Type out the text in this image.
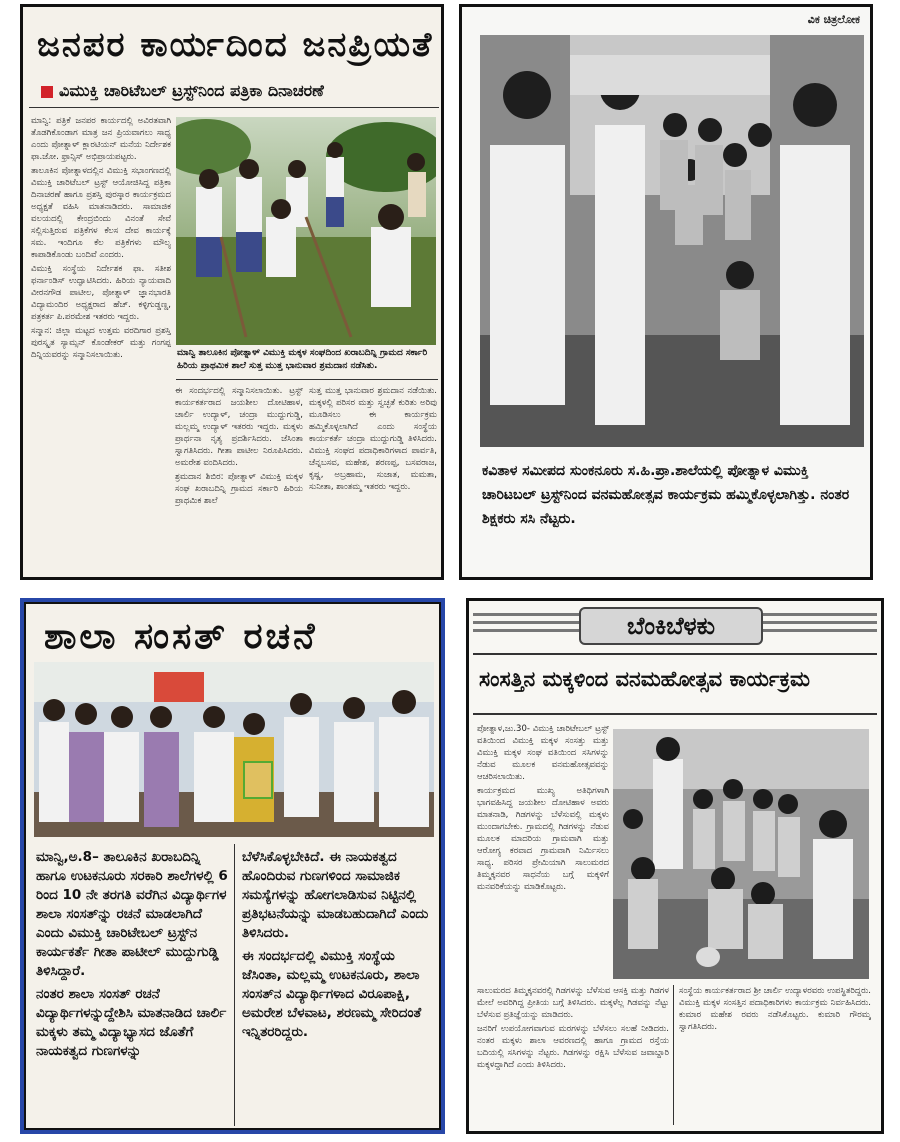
ಜನಪರ ಕಾರ್ಯದಿಂದ ಜನಪ್ರಿಯತೆ
ವಿಮುಕ್ತಿ ಚಾರಿಟೆಬಲ್ ಟ್ರಸ್ಟ್‌ನಿಂದ ಪತ್ರಿಕಾ ದಿನಾಚರಣೆ

ಮಾನ್ವಿ: ಪತ್ರಿಕೆ ಜನಪರ ಕಾರ್ಯದಲ್ಲಿ ಅವಿರತವಾಗಿ ತೊಡಗಿಕೊಂಡಾಗ ಮಾತ್ರ ಜನ ಪ್ರಿಯವಾಗಲು ಸಾಧ್ಯ ಎಂದು ಪೋತ್ನಾಳ್ ಕ್ಲಾರಟಿಯನ್ ಮನೆಯ ನಿರ್ದೇಶಕ ಫಾ.ಜೋ. ಫ್ರಾನ್ಸಿಸ್ ಅಭಿಪ್ರಾಯಪಟ್ಟರು.

ತಾಲೂಕಿನ ಪೋತ್ನಾಳದಲ್ಲಿನ ವಿಮುಕ್ತಿ ಸಭಾಂಗಣದಲ್ಲಿ ವಿಮುಕ್ತಿ ಚಾರಿಟೆಬಲ್ ಟ್ರಸ್ಟ್ ಆಯೋಜಿಸಿದ್ದ ಪತ್ರಿಕಾ ದಿನಾಚರಣೆ ಹಾಗೂ ಪ್ರಶಸ್ತಿ ಪುರಸ್ಕಾರ ಕಾರ್ಯಕ್ರಮದ ಅಧ್ಯಕ್ಷತೆ ವಹಿಸಿ ಮಾತನಾಡಿದರು. ಸಾಮಾಜಿಕ ವಲಯದಲ್ಲಿ ಕೇಂದ್ರಬಿಂದು ವಿನಂತೆ ಸೇವೆ ಸಲ್ಲಿಸುತ್ತಿರುವ ಪತ್ರಿಕೆಗಳ ಕೆಲಸ ದೇವ ಕಾರ್ಯಕ್ಕೆ ಸಮ. ಇಂದಿಗೂ ಕೆಲ ಪತ್ರಿಕೆಗಳು ಮೌಲ್ಯ ಕಾಪಾಡಿಕೊಂಡು ಬಂದಿವೆ ಎಂದರು.

ವಿಮುಕ್ತಿ ಸಂಸ್ಥೆಯ ನಿರ್ದೇಶಕ ಫಾ. ಸತೀಶ ಫರ್ನಾಂಡಿಸ್ ಉದ್ಘಾಟಿಸಿದರು. ಹಿರಿಯ ನ್ಯಾಯವಾದಿ ವೀರನಗೌಡ ಪಾಟೀಲ, ಪೋತ್ನಾಳ್ ಜ್ಞಾನಭಾರತಿ ವಿದ್ಯಾಮಂದಿರ ಅಧ್ಯಕ್ಷರಾದ ಹೆಚ್. ಕಳ್ಳಿಗುಡ್ಡಣ್ಣ, ಪತ್ರಕರ್ತ ಪಿ.ಪರಮೇಶ ಇತರರು ಇದ್ದರು.

ಸನ್ಮಾನ: ಜಿಲ್ಲಾ ಮಟ್ಟದ ಉತ್ತಮ ವರದಿಗಾರ ಪ್ರಶಸ್ತಿ ಪುರಸ್ಕೃತ ಸ್ಯಾಮ್ಸನ್ ಕೊಂಡೇಕರ್ ಮತ್ತು ಗಂಗಪ್ಪ ದಿನ್ನಿಯವರನ್ನು ಸನ್ಮಾನಿಸಲಾಯಿತು.	ಮಾನ್ವಿ ತಾಲೂಕಿನ ಪೋತ್ನಾಳ್ ವಿಮುಕ್ತಿ ಮಕ್ಕಳ ಸಂಘದಿಂದ ಖರಾಬದಿನ್ನಿ ಗ್ರಾಮದ ಸರ್ಕಾರಿ ಹಿರಿಯ ಪ್ರಾಥಮಿಕ ಶಾಲೆ ಸುತ್ತ ಮುತ್ತ ಭಾನುವಾರ ಶ್ರಮದಾನ ನಡೆಸಿತು.

ಈ ಸಂದರ್ಭದಲ್ಲಿ ಸನ್ಮಾನಿಸಲಾಯಿತು. ಟ್ರಸ್ಟ್ ಕಾರ್ಯಕರ್ತರಾದ ಜಯಶೀಲ ದೋಟಿಹಾಳ, ಚಾರ್ಲಿ ಉದ್ಯಾಳ್, ಚಂದ್ರಾ ಮುದ್ದುಗುಡ್ಡಿ, ಮಲ್ಲಮ್ಮ ಉದ್ಯಾಳ್ ಇತರರು ಇದ್ದರು. ಮಕ್ಕಳು ಪ್ರಾರ್ಥನಾ ನೃತ್ಯ ಪ್ರದರ್ಶಿಸಿದರು. ಜೆಸಿಂತಾ ಸ್ವಾಗತಿಸಿದರು. ಗೀತಾ ಪಾಟೀಲ ನಿರೂಪಿಸಿದರು. ಅಮರೇಶ ವಂದಿಸಿದರು.

ಶ್ರಮದಾನ ಶಿಬಿರ: ಪೋತ್ನಾಳ್ ವಿಮುಕ್ತಿ ಮಕ್ಕಳ ಸಂಘ ಖರಾಬದಿನ್ನಿ ಗ್ರಾಮದ ಸರ್ಕಾರಿ ಹಿರಿಯ ಪ್ರಾಥಮಿಕ ಶಾಲೆ

ಸುತ್ತ ಮುತ್ತ ಭಾನುವಾರ ಶ್ರಮದಾನ ನಡೆಯಿತು. ಮಕ್ಕಳಲ್ಲಿ ಪರಿಸರ ಮತ್ತು ಸ್ವಚ್ಛತೆ ಕುರಿತು ಅರಿವು ಮೂಡಿಸಲು ಈ ಕಾರ್ಯಕ್ರಮ ಹಮ್ಮಿಕೊಳ್ಳಲಾಗಿದೆ ಎಂದು ಸಂಸ್ಥೆಯ ಕಾರ್ಯಕರ್ತೆ ಚಂದ್ರಾ ಮುದ್ದುಗುಡ್ಡಿ ತಿಳಿಸಿದರು. ವಿಮುಕ್ತಿ ಸಂಘದ ಪದಾಧಿಕಾರಿಗಳಾದ ಪಾರ್ವತಿ, ಚೆನ್ನಬಸವ, ಮಹೇಶ, ಶರಣಪ್ಪ, ಬಸವರಾಜ, ಕೃಷ್ಣ, ಅಬ್ರಹಾಮ, ಸುಜಾತ, ಮಮತಾ, ಸುನೀತಾ, ಶಾಂತಮ್ಮ ಇತರರು ಇದ್ದರು.

ವಿಕ ಚಿತ್ರಲೋಕ

ಕವಿತಾಳ ಸಮೀಪದ ಸುಂಕನೂರು ಸ.ಹಿ.ಪ್ರಾ.ಶಾಲೆಯಲ್ಲಿ ಪೋತ್ನಾಳ ವಿಮುಕ್ತಿ ಚಾರಿಟಬಲ್ ಟ್ರಸ್ಟ್‌ನಿಂದ ವನಮಹೋತ್ಸವ ಕಾರ್ಯಕ್ರಮ ಹಮ್ಮಿಕೊಳ್ಳಲಾಗಿತ್ತು. ನಂತರ ಶಿಕ್ಷಕರು ಸಸಿ ನೆಟ್ಟರು.

ಶಾಲಾ ಸಂಸತ್ ರಚನೆ

ಮಾನ್ವಿ,ಅ.8– ತಾಲೂಕಿನ ಖರಾಬದಿನ್ನಿ ಹಾಗೂ ಉಟಕನೂರು ಸರಕಾರಿ ಶಾಲೆಗಳಲ್ಲಿ 6 ರಿಂದ 10 ನೇ ತರಗತಿ ವರೆಗಿನ ವಿದ್ಯಾರ್ಥಿಗಳ ಶಾಲಾ ಸಂಸತ್‌ನ್ನು ರಚನೆ ಮಾಡಲಾಗಿದೆ ಎಂದು ವಿಮುಕ್ತಿ ಚಾರಿಟೇಬಲ್ ಟ್ರಸ್ಟ್‌ನ ಕಾರ್ಯಕರ್ತೆ ಗೀತಾ ಪಾಟೀಲ್ ಮುದ್ದುಗುಡ್ಡಿ ತಿಳಿಸಿದ್ದಾರೆ.

ನಂತರ ಶಾಲಾ ಸಂಸತ್ ರಚನೆ ವಿದ್ಯಾರ್ಥಿಗಳನ್ನುದ್ದೇಶಿಸಿ ಮಾತನಾಡಿದ ಚಾರ್ಲಿ ಮಕ್ಕಳು ತಮ್ಮ ವಿದ್ಯಾಭ್ಯಾಸದ ಜೊತೆಗೆ ನಾಯಕತ್ವದ ಗುಣಗಳನ್ನು

ಬೆಳೆಸಿಕೊಳ್ಳಬೇಕಿದೆ. ಈ ನಾಯಕತ್ವದ ಹೊಂದಿರುವ ಗುಣಗಳಿಂದ ಸಾಮಾಜಿಕ ಸಮಸ್ಯೆಗಳನ್ನು ಹೋಗಲಾಡಿಸುವ ನಿಟ್ಟಿನಲ್ಲಿ ಪ್ರತಿಭಟನೆಯನ್ನು ಮಾಡಬಹುದಾಗಿದೆ ಎಂದು ತಿಳಿಸಿದರು.

ಈ ಸಂದರ್ಭದಲ್ಲಿ ವಿಮುಕ್ತಿ ಸಂಸ್ಥೆಯ ಜೆಸಿಂತಾ, ಮಲ್ಲಮ್ಮ ಉಟಕನೂರು, ಶಾಲಾ ಸಂಸತ್‌ನ ವಿದ್ಯಾರ್ಥಿಗಳಾದ ವಿರೂಪಾಕ್ಷಿ, ಅಮರೇಶ ಬೆಳವಾಟ, ಶರಣಮ್ಮ ಸೇರಿದಂತೆ ಇನ್ನಿತರರಿದ್ದರು.

ಬೆಂಕಿಬೆಳಕು
ಸಂಸತ್ತಿನ ಮಕ್ಕಳಿಂದ ವನಮಹೋತ್ಸವ ಕಾರ್ಯಕ್ರಮ

ಪೋತ್ನಾಳ,ಜು.30- ವಿಮುಕ್ತಿ ಚಾರಿಟೇಬಲ್ ಟ್ರಸ್ಟ್ ವತಿಯಿಂದ ವಿಮುಕ್ತಿ ಮಕ್ಕಳ ಸಂಸತ್ತು ಮತ್ತು ವಿಮುಕ್ತಿ ಮಕ್ಕಳ ಸಂಘ ವತಿಯಿಂದ ಸಸಿಗಳನ್ನು ನೆಡುವ ಮೂಲಕ ವನಮಹೋತ್ಸವವನ್ನು ಆಚರಿಸಲಾಯಿತು.

ಕಾರ್ಯಕ್ರಮದ ಮುಖ್ಯ ಅತಿಥಿಗಳಾಗಿ ಭಾಗವಹಿಸಿದ್ದ ಜಯಶೀಲ ದೋಟಿಹಾಳ ಅವರು ಮಾತನಾಡಿ, ಗಿಡಗಳನ್ನು ಬೆಳೆಸುವಲ್ಲಿ ಮಕ್ಕಳು ಮುಂದಾಗಬೇಕು. ಗ್ರಾಮದಲ್ಲಿ ಗಿಡಗಳನ್ನು ನೆಡುವ ಮೂಲಕ ಮಾದರಿಯ ಗ್ರಾಮವಾಗಿ ಮತ್ತು ಆರೋಗ್ಯ ಕರವಾದ ಗ್ರಾಮವಾಗಿ ನಿರ್ಮಿಸಲು ಸಾಧ್ಯ. ಪರಿಸರ ಪ್ರೇಮಿಯಾಗಿ ಸಾಲುಮರದ ತಿಮ್ಮಕ್ಕನವರ ಸಾಧನೆಯ ಬಗ್ಗೆ ಮಕ್ಕಳಿಗೆ ಮನವರಿಕೆಯನ್ನು ಮಾಡಿಕೊಟ್ಟರು.

ಸಾಲುಮರದ ತಿಮ್ಮಕ್ಕನವರಲ್ಲಿ ಗಿಡಗಳನ್ನು ಬೆಳೆಸುವ ಆಸಕ್ತಿ ಮತ್ತು ಗಿಡಗಳ ಮೇಲೆ ಅವರಿಗಿದ್ದ ಪ್ರೀತಿಯ ಬಗ್ಗೆ ತಿಳಿಸಿದರು. ಮಕ್ಕಳೆಲ್ಲ ಗಿಡವನ್ನು ನೆಟ್ಟು ಬೆಳೆಸುವ ಪ್ರತಿಜ್ಞೆಯನ್ನು ಮಾಡಿದರು.

ಜನರಿಗೆ ಉಪಯೋಗವಾಗುವ ಮರಗಳನ್ನು ಬೆಳೆಸಲು ಸಲಹೆ ನೀಡಿದರು. ನಂತರ ಮಕ್ಕಳು ಶಾಲಾ ಆವರಣದಲ್ಲಿ ಹಾಗೂ ಗ್ರಾಮದ ರಸ್ತೆಯ ಬದಿಯಲ್ಲಿ ಸಸಿಗಳನ್ನು ನೆಟ್ಟರು. ಗಿಡಗಳನ್ನು ರಕ್ಷಿಸಿ ಬೆಳೆಸುವ ಜವಾಬ್ದಾರಿ ಮಕ್ಕಳದ್ದಾಗಿದೆ ಎಂದು ತಿಳಿಸಿದರು.

ಸಂಸ್ಥೆಯ ಕಾರ್ಯಕರ್ತರಾದ ಶ್ರೀ ಚಾರ್ಲಿ ಉದ್ಯಾಳರವರು ಉಪಸ್ಥಿತರಿದ್ದರು. ವಿಮುಕ್ತಿ ಮಕ್ಕಳ ಸಂಸತ್ತಿನ ಪದಾಧಿಕಾರಿಗಳು ಕಾರ್ಯಕ್ರಮ ನಿರ್ವಹಿಸಿದರು. ಕುಮಾರ ಮಹೇಶ ರವರು ನಡೆಸಿಕೊಟ್ಟರು. ಕುಮಾರಿ ಗೌರಮ್ಮ ಸ್ವಾಗತಿಸಿದರು.
